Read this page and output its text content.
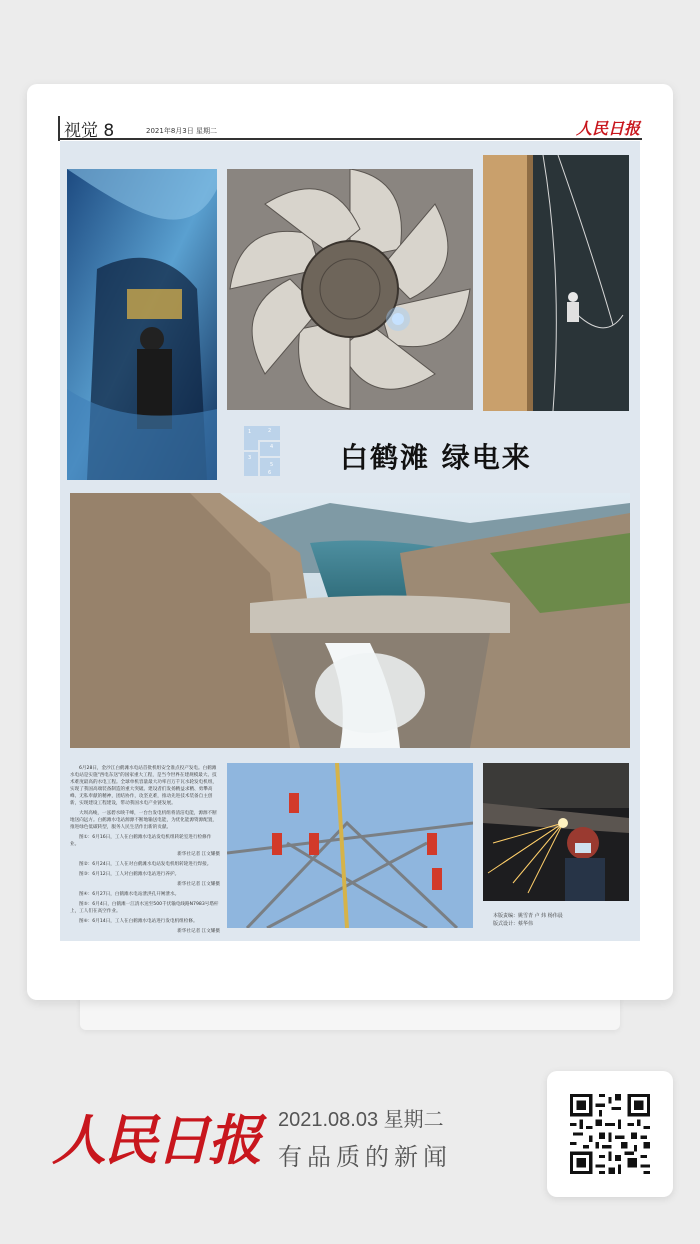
视觉 8	2021年8月3日 星期二	人民日报
1	2
3
4
5
6 白鹤滩 绿电来

6月28日，金沙江白鹤滩水电站首批机组安全准点投产发电。白鹤滩水电站是实施"西电东送"的国家重大工程，是当今世界在建规模最大、技术难度最高的水电工程。全球单机容量最大功率百万千瓦水轮发电机组，实现了我国高端装备制造的重大突破。建设者们发扬精益求精、勇攀高峰、无私奉献的精神，团结协作，攻坚克难，推动先进技术装备自主创新，实现建设工程建设，带动我国水电产业链发展。

大坝高峻，一泓碧水映千峰，一台台发电机组将清洁电能，源源不断地送向远方。白鹤滩水电站源源不断地输送电能，为优化能源资源配置，推进绿色低碳转型，服务人民生活作出新的贡献。

图①：6月16日，工人在白鹤滩水电站发电机组转轮室进行检修作业。

新华社记者 江文耀摄

图②：6月24日，工人在对白鹤滩水电站发电机组转轮进行焊接。

图③：6月12日，工人对白鹤滩水电站进行养护。

新华社记者 江文耀摄

图④：6月27日，白鹤滩水电站泄洪孔开闸泄水。

图⑤：6月4日，白鹤滩一江清水送至500千伏输电线路N7983号塔杆上，工人们在高空作业。

图⑥：6月14日，工人在白鹤滩水电站进行发电机组检修。

新华社记者 江文耀摄

本版责编：姚雪青 卢 炜 杨伟晨
版式设计：蔡华伟
人民日报 2021.08.03 星期二
有品质的新闻
